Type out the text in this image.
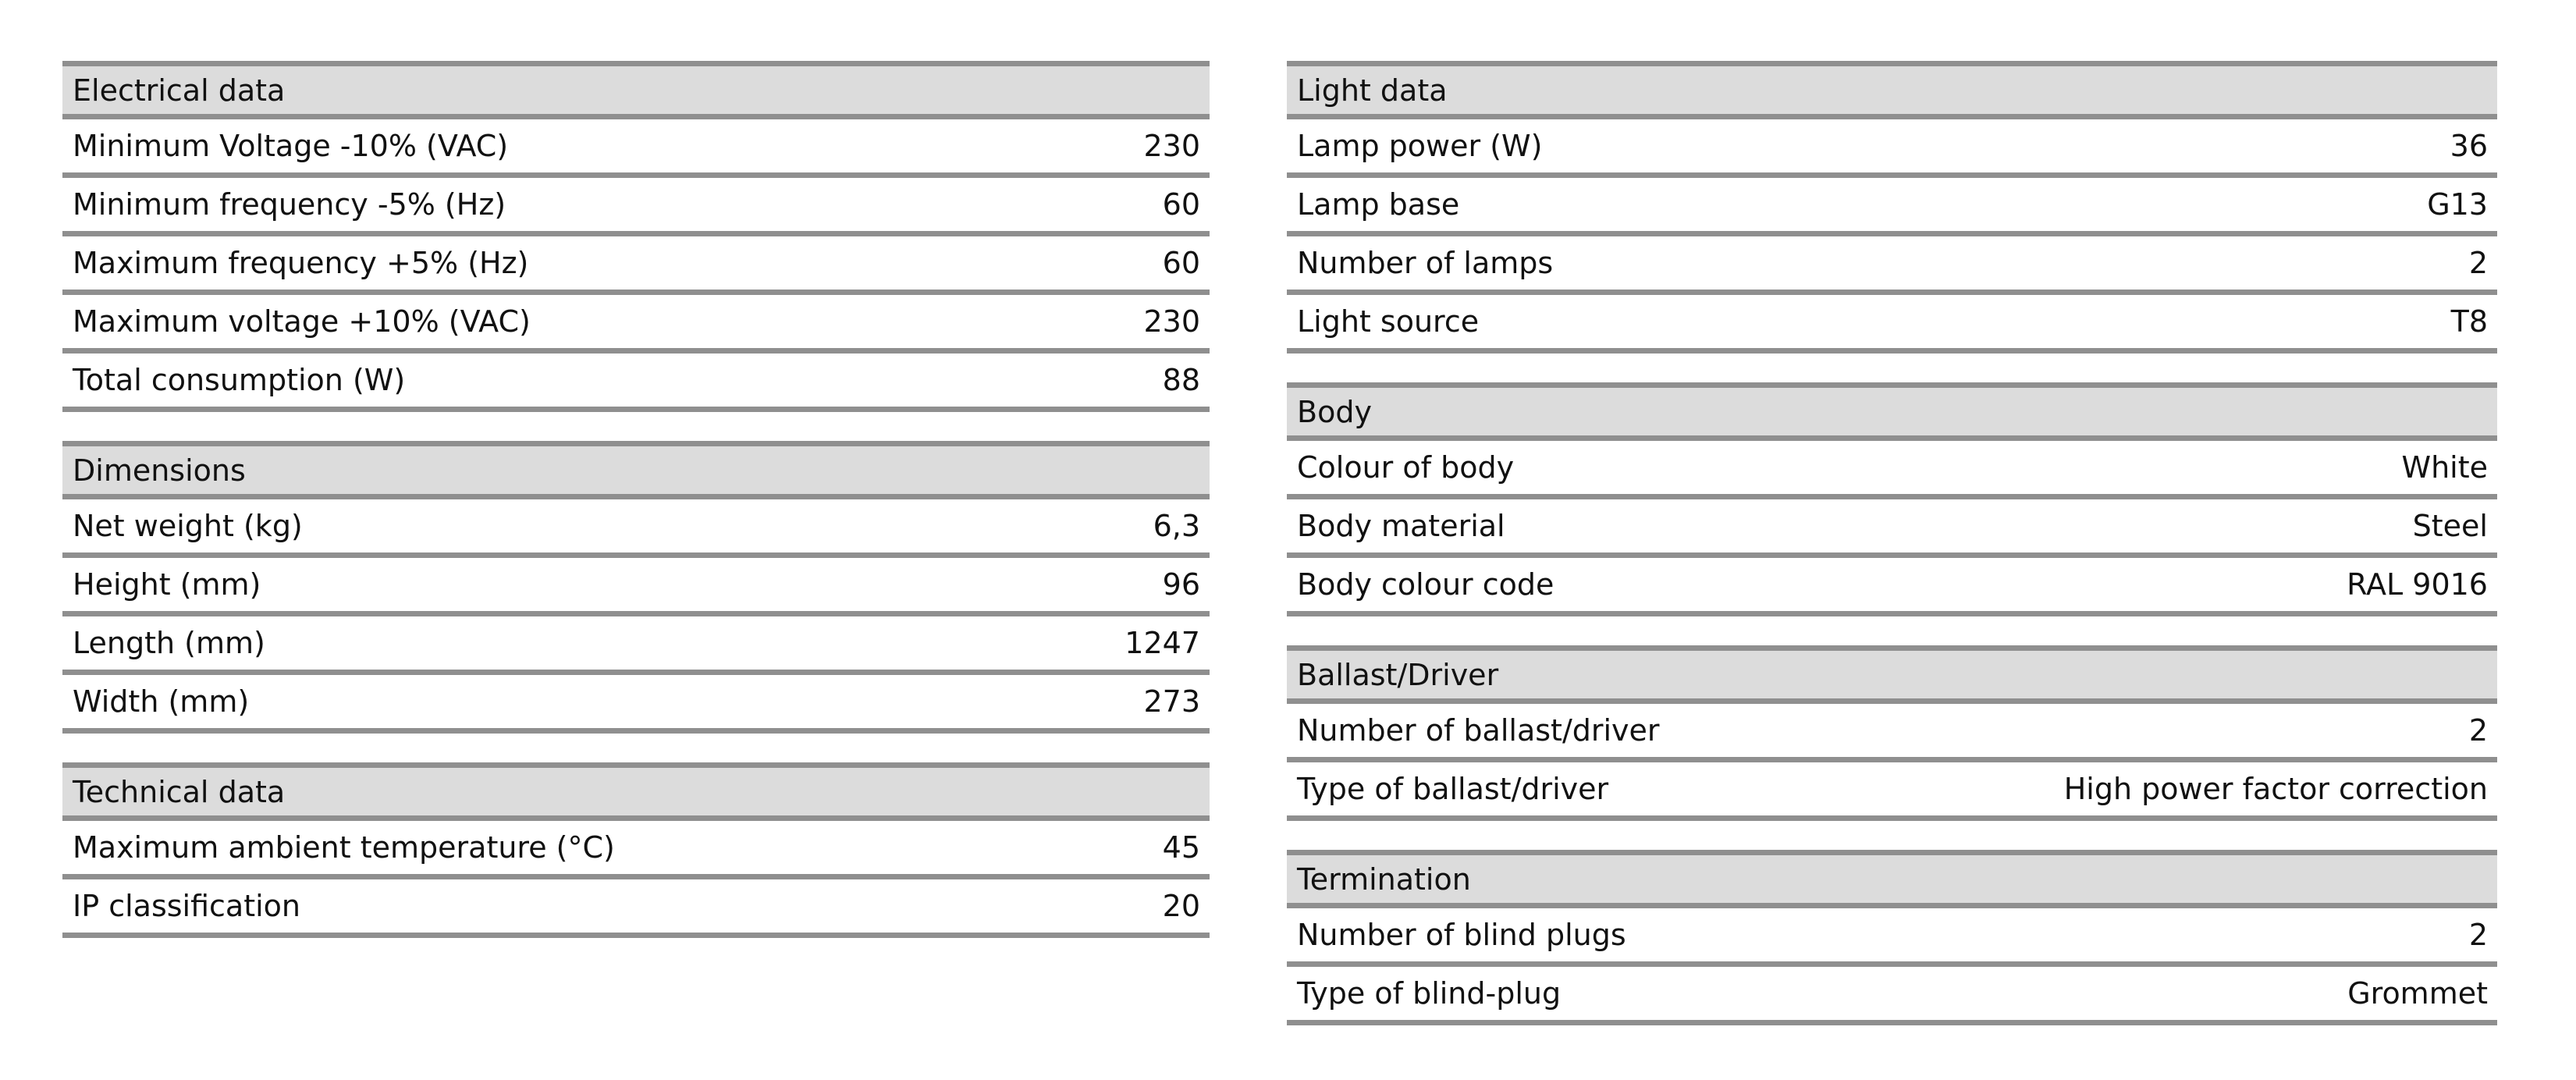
Electrical data
Minimum Voltage -10% (VAC)	230
Minimum frequency -5% (Hz)	60
Maximum frequency +5% (Hz)	60
Maximum voltage +10% (VAC)	230
Total consumption (W)	88
Dimensions
Net weight (kg)	6,3
Height (mm)	96
Length (mm)	1247
Width (mm)	273
Technical data
Maximum ambient temperature (°C)	45
IP classification	20
Light data
Lamp power (W)	36
Lamp base	G13
Number of lamps	2
Light source	T8
Body
Colour of body	White
Body material	Steel
Body colour code	RAL 9016
Ballast/Driver
Number of ballast/driver	2
Type of ballast/driver	High power factor correction
Termination
Number of blind plugs	2
Type of blind-plug	Grommet
